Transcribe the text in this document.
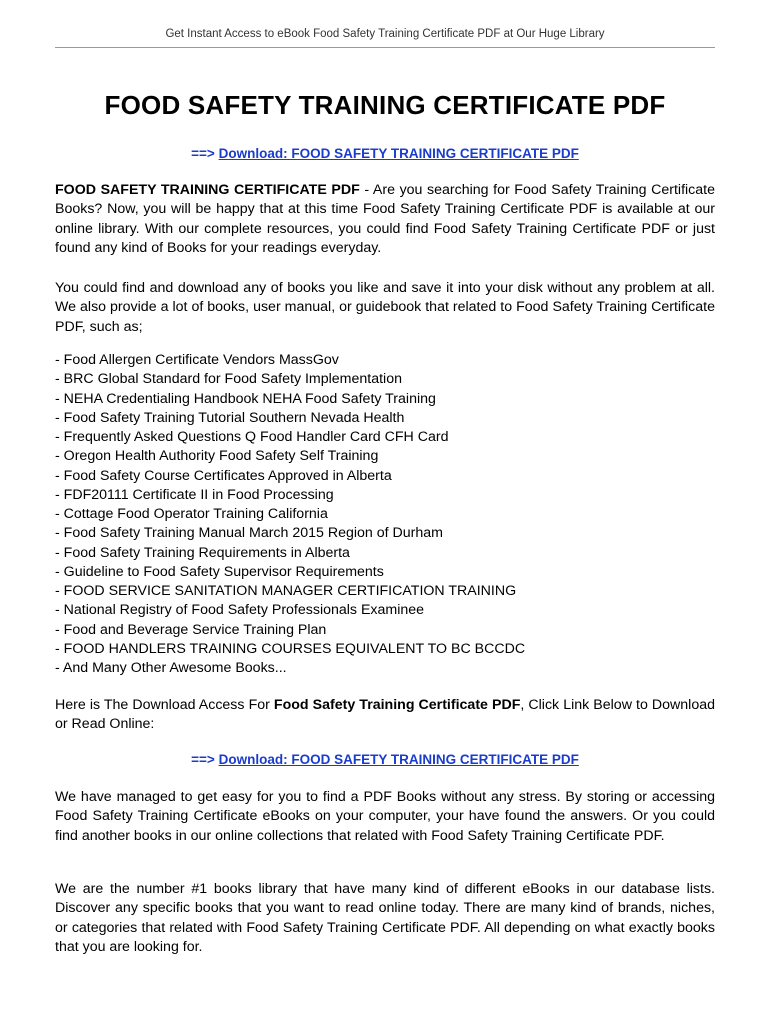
Get Instant Access to eBook Food Safety Training Certificate PDF at Our Huge Library
FOOD SAFETY TRAINING CERTIFICATE PDF
==> Download: FOOD SAFETY TRAINING CERTIFICATE PDF

FOOD SAFETY TRAINING CERTIFICATE PDF - Are you searching for Food Safety Training Certificate Books? Now, you will be happy that at this time Food Safety Training Certificate PDF is available at our online library. With our complete resources, you could find Food Safety Training Certificate PDF or just found any kind of Books for your readings everyday.

You could find and download any of books you like and save it into your disk without any problem at all. We also provide a lot of books, user manual, or guidebook that related to Food Safety Training Certificate PDF, such as;

- Food Allergen Certificate Vendors MassGov
- BRC Global Standard for Food Safety Implementation
- NEHA Credentialing Handbook NEHA Food Safety Training
- Food Safety Training Tutorial Southern Nevada Health
- Frequently Asked Questions Q Food Handler Card CFH Card
- Oregon Health Authority Food Safety Self Training
- Food Safety Course Certificates Approved in Alberta
- FDF20111 Certificate II in Food Processing
- Cottage Food Operator Training California
- Food Safety Training Manual March 2015 Region of Durham
- Food Safety Training Requirements in Alberta
- Guideline to Food Safety Supervisor Requirements
- FOOD SERVICE SANITATION MANAGER CERTIFICATION TRAINING
- National Registry of Food Safety Professionals Examinee
- Food and Beverage Service Training Plan
- FOOD HANDLERS TRAINING COURSES EQUIVALENT TO BC BCCDC
- And Many Other Awesome Books...

Here is The Download Access For Food Safety Training Certificate PDF, Click Link Below to Download or Read Online:

==> Download: FOOD SAFETY TRAINING CERTIFICATE PDF

We have managed to get easy for you to find a PDF Books without any stress. By storing or accessing Food Safety Training Certificate eBooks on your computer, your have found the answers. Or you could find another books in our online collections that related with Food Safety Training Certificate PDF.

We are the number #1 books library that have many kind of different eBooks in our database lists. Discover any specific books that you want to read online today. There are many kind of brands, niches, or categories that related with Food Safety Training Certificate PDF. All depending on what exactly books that you are looking for.
